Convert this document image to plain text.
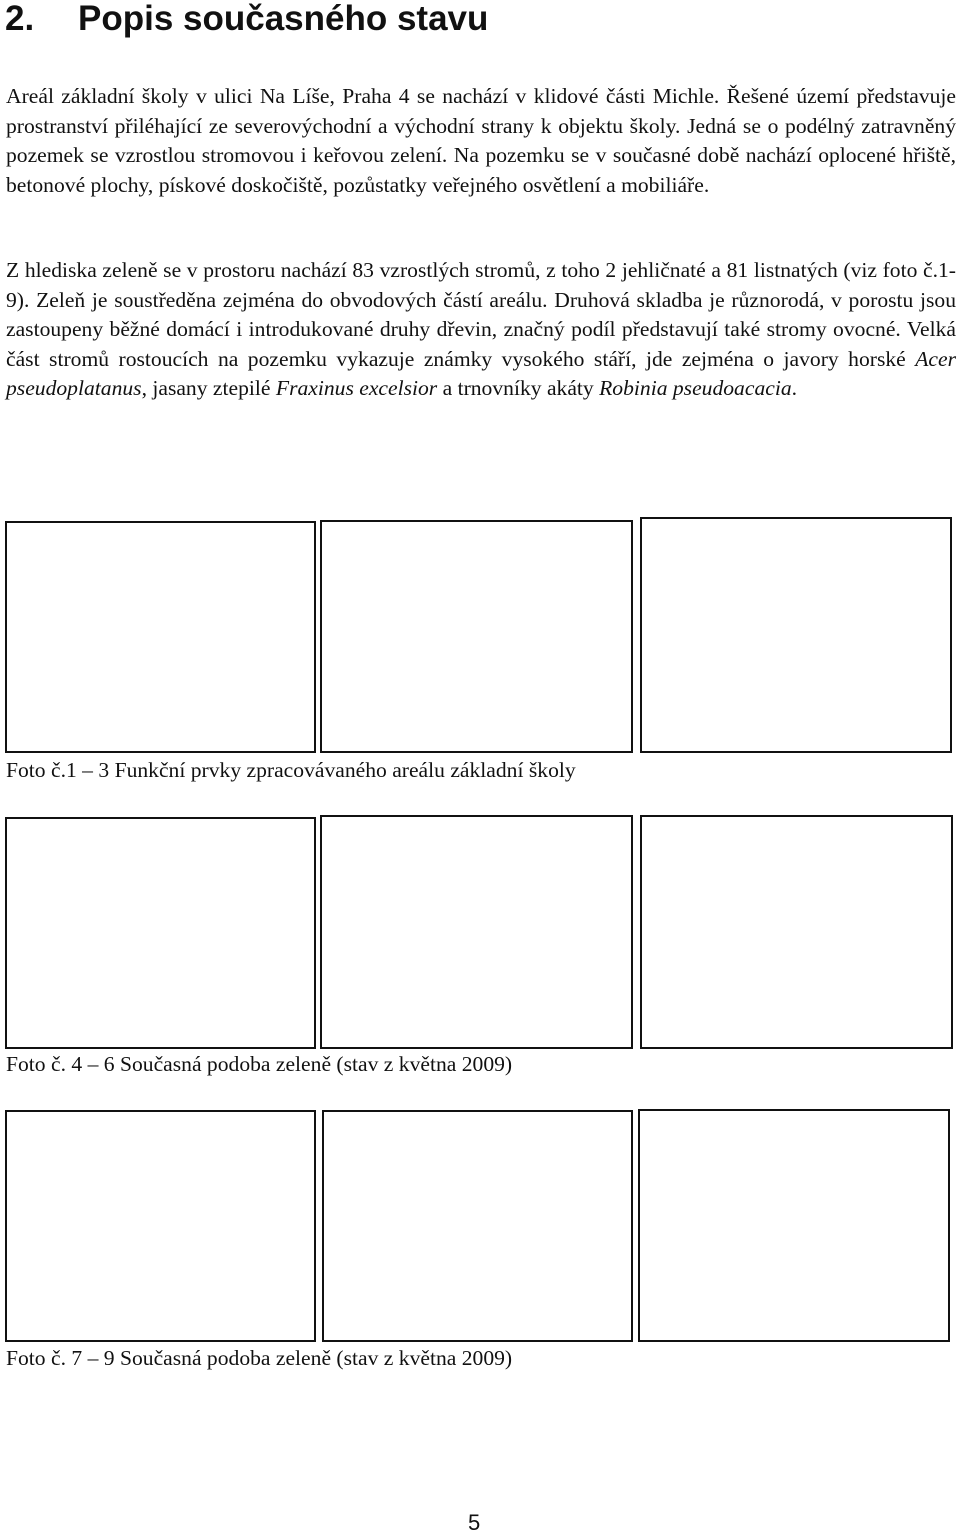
2. Popis současného stavu

Areál základní školy v ulici Na Líše, Praha 4 se nachází v klidové části Michle. Řešené území představuje prostranství přiléhající ze severovýchodní a východní strany k objektu školy. Jedná se o podélný zatravněný pozemek se vzrostlou stromovou i keřovou zelení. Na pozemku se v současné době nachází oplocené hřiště, betonové plochy, pískové doskočiště, pozůstatky veřejného osvětlení a mobiliáře.

Z hlediska zeleně se v prostoru nachází 83 vzrostlých stromů, z toho 2 jehličnaté a 81 listnatých (viz foto č.1-9). Zeleň je soustředěna zejména do obvodových částí areálu. Druhová skladba je různorodá, v porostu jsou zastoupeny běžné domácí i introdukované druhy dřevin, značný podíl představují také stromy ovocné. Velká část stromů rostoucích na pozemku vykazuje známky vysokého stáří, jde zejména o javory horské Acer pseudoplatanus, jasany ztepilé Fraxinus excelsior a trnovníky akáty Robinia pseudoacacia.

Foto č.1 – 3 Funkční prvky zpracovávaného areálu základní školy

Foto č. 4 – 6 Současná podoba zeleně (stav z května 2009)

Foto č. 7 – 9 Současná podoba zeleně (stav z května 2009)

5
